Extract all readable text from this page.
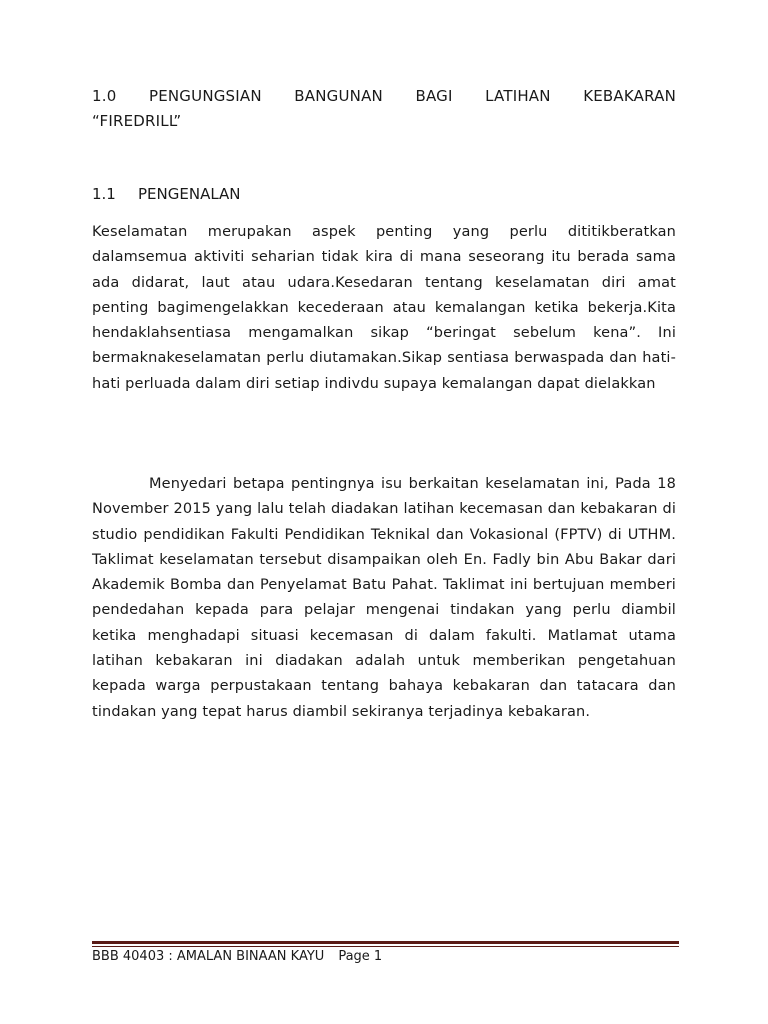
1.0 PENGUNGSIAN BANGUNAN BAGI LATIHAN KEBAKARAN

“FIREDRILL”

1.1 PENGENALAN

Keselamatan merupakan aspek penting yang perlu dititikberatkan dalamsemua aktiviti seharian tidak kira di mana seseorang itu berada sama ada didarat, laut atau udara.Kesedaran tentang keselamatan diri amat penting bagimengelakkan kecederaan atau kemalangan ketika bekerja.Kita hendaklahsentiasa mengamalkan sikap “beringat sebelum kena”. Ini bermaknakeselamatan perlu diutamakan.Sikap sentiasa berwaspada dan hati-hati perluada dalam diri setiap indivdu supaya kemalangan dapat dielakkan

Menyedari betapa pentingnya isu berkaitan keselamatan ini, Pada 18 November 2015 yang lalu telah diadakan latihan kecemasan dan kebakaran di studio pendidikan Fakulti Pendidikan Teknikal dan Vokasional (FPTV) di UTHM. Taklimat keselamatan tersebut disampaikan oleh En. Fadly bin Abu Bakar dari Akademik Bomba dan Penyelamat Batu Pahat. Taklimat ini bertujuan memberi pendedahan kepada para pelajar mengenai tindakan yang perlu diambil ketika menghadapi situasi kecemasan di dalam fakulti. Matlamat utama latihan kebakaran ini diadakan adalah untuk memberikan pengetahuan kepada warga perpustakaan tentang bahaya kebakaran dan tatacara dan tindakan yang tepat harus diambil sekiranya terjadinya kebakaran.

BBB 40403 : AMALAN BINAAN KAYU Page 1
